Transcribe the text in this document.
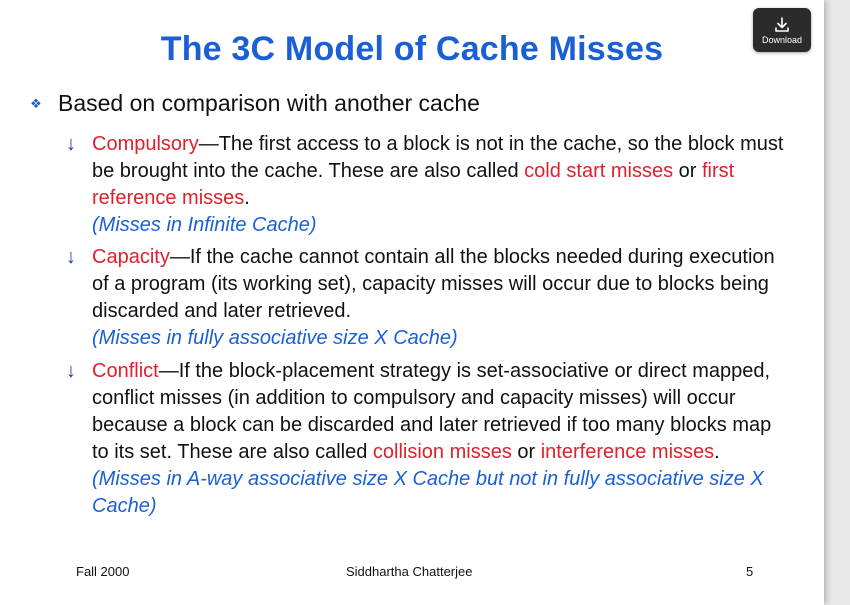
The 3C Model of Cache Misses
❖ Based on comparison with another cache
↓ Compulsory—The first access to a block is not in the cache, so the block must be brought into the cache. These are also called cold start misses or first reference misses.
(Misses in Infinite Cache)
↓ Capacity—If the cache cannot contain all the blocks needed during execution of a program (its working set), capacity misses will occur due to blocks being discarded and later retrieved.
(Misses in fully associative size X Cache)
↓ Conflict—If the block-placement strategy is set-associative or direct mapped, conflict misses (in addition to compulsory and capacity misses) will occur because a block can be discarded and later retrieved if too many blocks map to its set. These are also called collision misses or interference misses.
(Misses in A-way associative size X Cache but not in fully associative size X Cache)
Fall 2000	Siddhartha Chatterjee	5
Download
